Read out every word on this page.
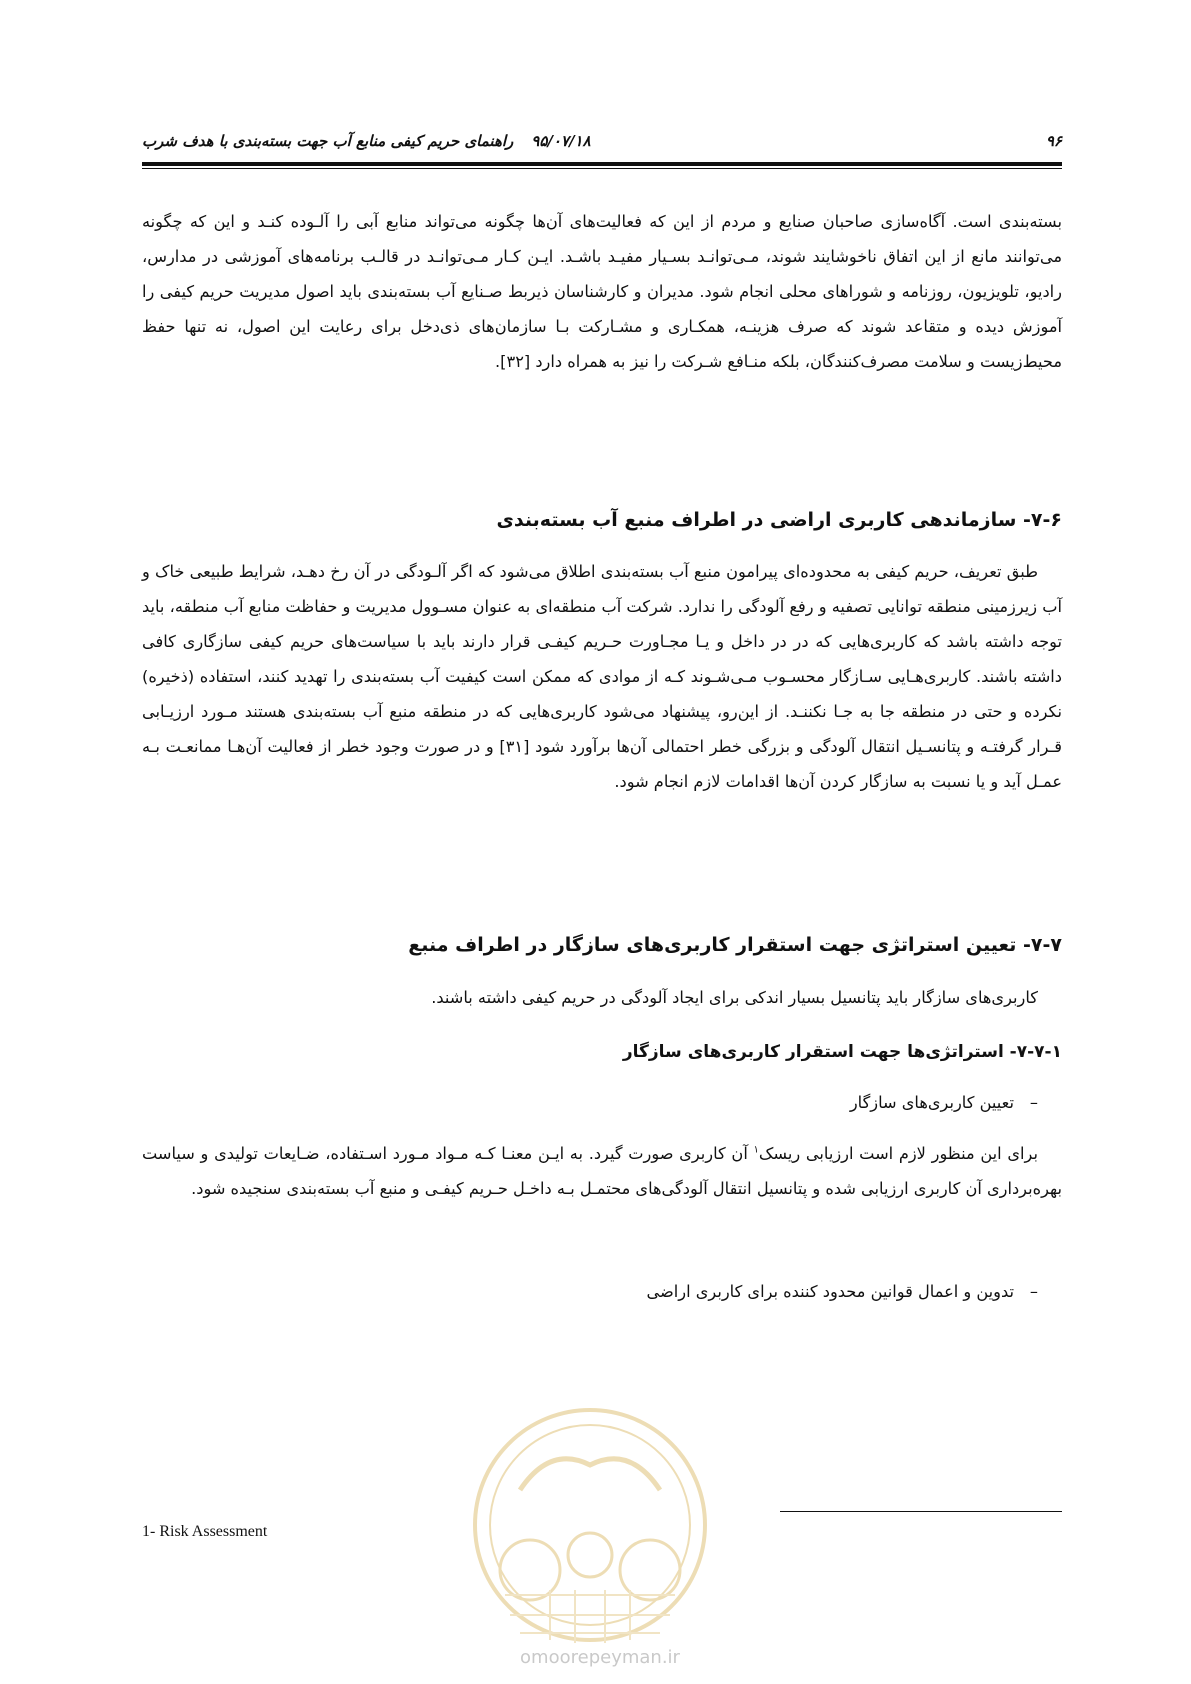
۹۶
۹۵/۰۷/۱۸راهنمای حریم کیفی منابع آب جهت بسته‌بندی با هدف شرب
بسته‌بندی است. آگاه‌سازی صاحبان صنایع و مردم از این که فعالیت‌های آن‌ها چگونه می‌تواند منابع آبی را آلـوده کنـد و این که چگونه می‌توانند مانع از این اتفاق ناخوشایند شوند، مـی‌توانـد بسـیار مفیـد باشـد. ایـن کـار مـی‌توانـد در قالـب برنامه‌های آموزشی در مدارس، رادیو، تلویزیون، روزنامه و شوراهای محلی انجام شود. مدیران و کارشناسان ذیربط صـنایع آب بسته‌بندی باید اصول مدیریت حریم کیفی را آموزش دیده و متقاعد شوند که صرف هزینـه، همکـاری و مشـارکت بـا سازمان‌های ذی‌دخل برای رعایت این اصول، نه تنها حفظ محیط‌زیست و سلامت مصرف‌کنندگان، بلکه منـافع شـرکت را نیز به همراه دارد [۳۲].
۷-۶- سازماندهی کاربری اراضی در اطراف منبع آب بسته‌بندی
طبق تعریف، حریم کیفی به محدوده‌ای پیرامون منبع آب بسته‌بندی اطلاق می‌شود که اگر آلـودگی در آن رخ دهـد، شرایط طبیعی خاک و آب زیرزمینی منطقه توانایی تصفیه و رفع آلودگی را ندارد. شرکت آب منطقه‌ای به عنوان مسـوول مدیریت و حفاظت منابع آب منطقه، باید توجه داشته باشد که کاربری‌هایی که در در داخل و یـا مجـاورت حـریم کیفـی قرار دارند باید با سیاست‌های حریم کیفی سازگاری کافی داشته باشند. کاربری‌هـایی سـازگار محسـوب مـی‌شـوند کـه از موادی که ممکن است کیفیت آب بسته‌بندی را تهدید کنند، استفاده (ذخیره) نکرده و حتی در منطقه جا به جـا نکننـد. از این‌رو، پیشنهاد می‌شود کاربری‌هایی که در منطقه منبع آب بسته‌بندی هستند مـورد ارزیـابی قـرار گرفتـه و پتانسـیل انتقال آلودگی و بزرگی خطر احتمالی آن‌ها برآورد شود [۳۱] و در صورت وجود خطر از فعالیت آن‌هـا ممانعـت بـه عمـل آید و یا نسبت به سازگار کردن آن‌ها اقدامات لازم انجام شود.
۷-۷- تعیین استراتژی جهت استقرار کاربری‌های سازگار در اطراف منبع
کاربری‌های سازگار باید پتانسیل بسیار اندکی برای ایجاد آلودگی در حریم کیفی داشته باشند.
۷-۷-۱- استراتژی‌ها جهت استقرار کاربری‌های سازگار
–تعیین کاربری‌های سازگار
برای این منظور لازم است ارزیابی ریسک$^۱$ آن کاربری صورت گیرد. به ایـن معنـا کـه مـواد مـورد اسـتفاده، ضـایعات تولیدی و سیاست بهره‌برداری آن کاربری ارزیابی شده و پتانسیل انتقال آلودگی‌های محتمـل بـه داخـل حـریم کیفـی و منبع آب بسته‌بندی سنجیده شود.
–تدوین و اعمال قوانین محدود کننده برای کاربری اراضی
1- Risk Assessment
omoorepeyman.ir
